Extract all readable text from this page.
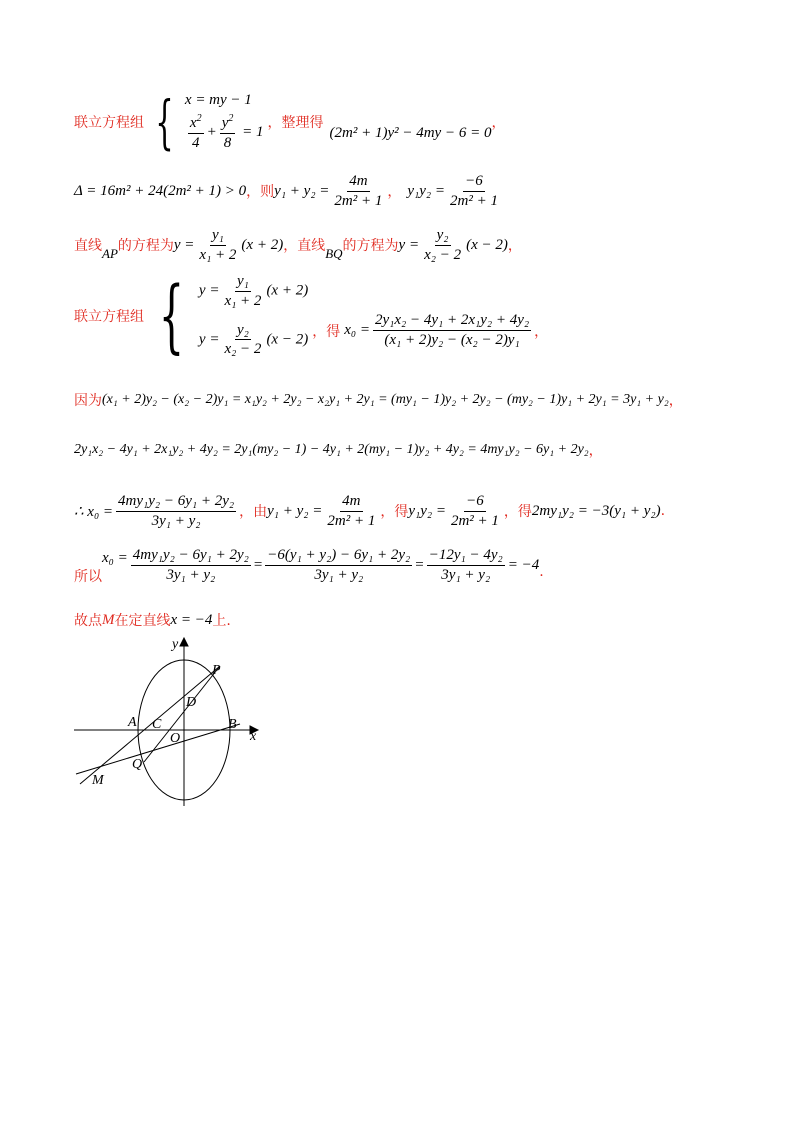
联立方程组 { x = my − 1
$\frac{x^2}{4} + \frac{y^2}{8} = 1$
，整理得
(2m² + 1)y² − 4my − 6 = 0
，
Δ = 16m² + 24(2m² + 1) > 0 ，则 $y_1 + y_2 = \frac{4m}{\text{2m² + 1}}$ ， $y_1y_2 = \frac{-6}{\text{2m² + 1}}$
直线 AP 的方程为 $y = \frac{\text{y₁}}{\text{x₁ + 2}} (x + 2)$ ，直线 BQ 的方程为 $y = \frac{\text{y₂}}{\text{x₂ − 2}} (x - 2)$ ，
联立方程组 { $y = \frac{\text{y₁}}{\text{x₁ + 2}} (x + 2)$
$y = \frac{\text{y₂}}{\text{x₂ − 2}} (x - 2)$ ，得 $x_0 = \frac{\text{2y₁x₂ − 4y₁ + 2x₁y₂ + 4y₂}}{\text{(x₁ + 2)y₂ − (x₂ − 2)y₁}}$ ，
因为 (x₁ + 2)y₂ − (x₂ − 2)y₁ = x₁y₂ + 2y₂ − x₂y₁ + 2y₁ = (my₁ − 1)y₂ + 2y₂ − (my₂ − 1)y₁ + 2y₁ = 3y₁ + y₂ ，
2y₁x₂ − 4y₁ + 2x₁y₂ + 4y₂ = 2y₁(my₂ − 1) − 4y₁ + 2(my₁ − 1)y₂ + 4y₂ = 4my₁y₂ − 6y₁ + 2y₂ ，
∴ $x_0 = \frac{\text{4my₁y₂ − 6y₁ + 2y₂}}{\text{3y₁ + y₂}}$ ，由 $y_1 + y_2 = \frac{4m}{\text{2m² + 1}}$ ，得 $y_1y_2 = \frac{-6}{\text{2m² + 1}}$ ，得 2my₁y₂ = −3(y₁ + y₂) .
所以
$x_0 = \frac{\text{4my₁y₂ − 6y₁ + 2y₂}}{\text{3y₁ + y₂}} = \frac{\text{−6(y₁ + y₂) − 6y₁ + 2y₂}}{\text{3y₁ + y₂}} = \frac{\text{−12y₁ − 4y₂}}{\text{3y₁ + y₂}} = -4$ .
故点 M 在定直线 x = −4 上.
y
P
D
A C
O
B
x
Q
M
